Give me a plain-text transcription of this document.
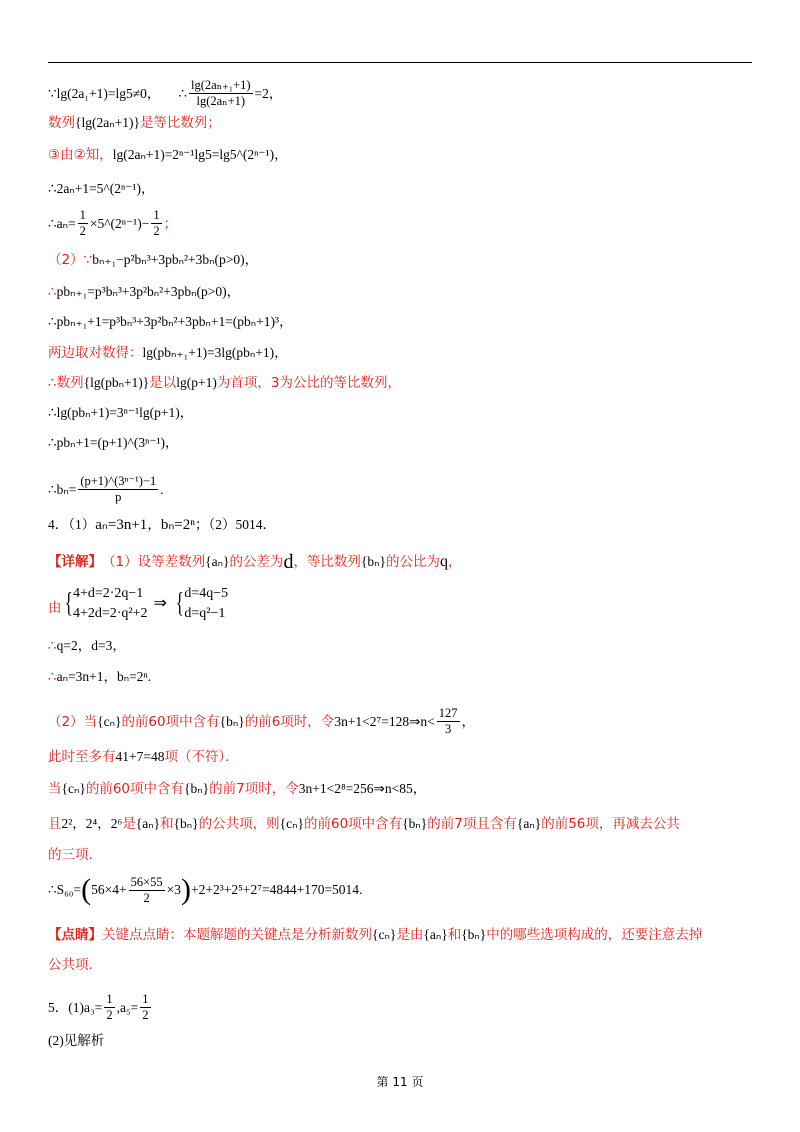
∵lg(2a₁+1)=lg5≠0， ∴ $\frac{\text{lg(2aₙ₊₁+1)}}{\text{lg(2aₙ+1)}} =2$，
数列 {lg(2aₙ+1)} 是等比数列；
③由②知， lg(2aₙ+1)=2ⁿ⁻¹lg5=lg5^(2ⁿ⁻¹)，
∴2aₙ+1=5^(2ⁿ⁻¹)，
∴aₙ= $\frac{1}{2}$ ×5^(2ⁿ⁻¹)− $\frac{1}{2}$ ；
（2）∵ bₙ₊₁−p²bₙ³+3pbₙ²+3bₙ(p>0)，
∴ pbₙ₊₁=p³bₙ³+3p²bₙ²+3pbₙ(p>0)，
∴pbₙ₊₁+1=p³bₙ³+3p²bₙ²+3pbₙ+1=(pbₙ+1)³，
两边取对数得： lg(pbₙ₊₁+1)=3lg(pbₙ+1)，
∴数列 {lg(pbₙ+1)} 是以 lg(p+1) 为首项，3为公比的等比数列，
∴lg(pbₙ+1)=3ⁿ⁻¹lg(p+1)，
∴pbₙ+1=(p+1)^(3ⁿ⁻¹)，
∴bₙ= $\frac{\text{(p+1)\textasciicircum{}(3ⁿ⁻¹)−1}}{p}$ .
4．（1） aₙ=3n+1 ， bₙ=2ⁿ ；（2）5014．
【详解】 （1）设等差数列 {aₙ} 的公差为 d ，等比数列 {bₙ} 的公比为 q ，
由 { 4+d=2·2q−1
4+2d=2·q²+2
⇒ { d=4q−5
d=q²−1
∴ q=2，d=3，
∴ aₙ=3n+1，bₙ=2ⁿ.
（2）当 {cₙ} 的前60项中含有 {bₙ} 的前6项时，令 3n+1<2⁷=128⇒n< $\frac{127}{3}$ ，
此时至多有 41+7=48 项（不符）．
当 {cₙ} 的前60项中含有 {bₙ} 的前7项时，令 3n+1<2⁸=256⇒n<85 ，
且 2²，2⁴，2⁶ 是 {aₙ} 和 {bₙ} 的公共项，则 {cₙ} 的前60项中含有 {bₙ} 的前7项且含有 {aₙ} 的前56项，再减去公共
的三项.
∴S₆₀= ( $56\times 4+ \frac{56\times 55}{2} \times 3$ ) +2+2³+2⁵+2⁷=4844+170=5014.
【点睛】 关键点点睛：本题解题的关键点是分析新数列 {cₙ} 是由 {aₙ} 和 {bₙ} 中的哪些选项构成的，还要注意去掉
公共项.
5．(1) $a_3= \frac{1}{2} ,a_5= \frac{1}{2}$
(2)见解析
第 11 页
